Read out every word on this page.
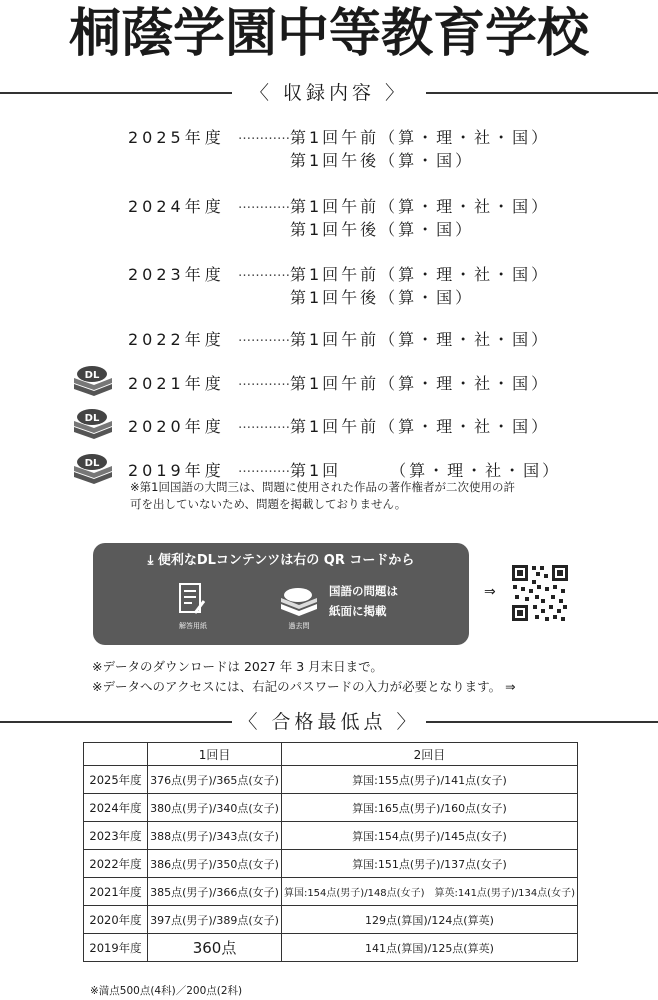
桐蔭学園中等教育学校
〈 収録内容 〉
2025年度 ………… 第1回午前（算・理・社・国）
第1回午後（算・国）
2024年度 ………… 第1回午前（算・理・社・国）
第1回午後（算・国）
2023年度 ………… 第1回午前（算・理・社・国）
第1回午後（算・国）
2022年度 ………… 第1回午前（算・理・社・国）
DL 2021年度 ………… 第1回午前（算・理・社・国）
DL 2020年度 ………… 第1回午前（算・理・社・国）
DL 2019年度 ………… 第1回　　　（算・理・社・国）
※第1回国語の大問三は、問題に使用された作品の著作権者が二次使用の許
可を出していないため、問題を掲載しておりません。
⤓ 便利なDLコンテンツは右の QR コードから
解答用紙	過去問
国語の問題は
紙面に掲載
⇒
※データのダウンロードは 2027 年 3 月末日まで。
※データへのアクセスには、右記のパスワードの入力が必要となります。 ⇒
〈 合格最低点 〉
	1回目	2回目
2025年度	376点(男子)/365点(女子)	算国:155点(男子)/141点(女子)
2024年度	380点(男子)/340点(女子)	算国:165点(男子)/160点(女子)
2023年度	388点(男子)/343点(女子)	算国:154点(男子)/145点(女子)
2022年度	386点(男子)/350点(女子)	算国:151点(男子)/137点(女子)
2021年度	385点(男子)/366点(女子)	算国:154点(男子)/148点(女子)　算英:141点(男子)/134点(女子)
2020年度	397点(男子)/389点(女子)	129点(算国)/124点(算英)
2019年度	360点	141点(算国)/125点(算英)
※満点500点(4科)／200点(2科)
